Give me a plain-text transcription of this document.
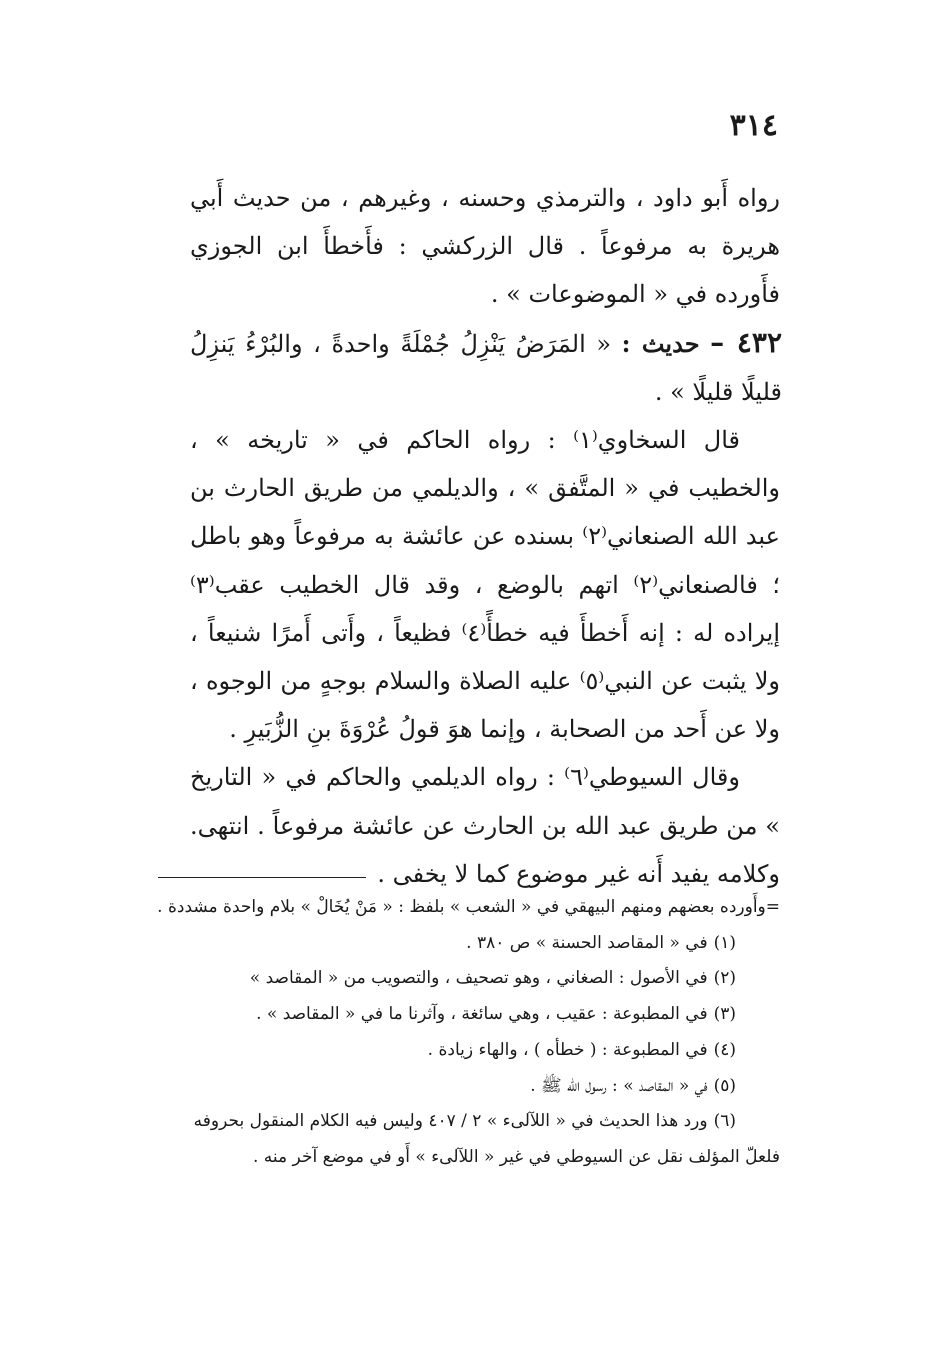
٣١٤

رواه أَبو داود ، والترمذي وحسنه ، وغيرهم ، من حديث أَبي هريرة به مرفوعاً . قال الزركشي : فأَخطأَ ابن الجوزي فأَورده في « الموضوعات » .

٤٣٢ – حديث : « المَرَضُ يَنْزِلُ جُمْلَةً واحدةً ، والبُرْءُ يَنزِلُ قليلًا قليلًا » .

قال السخاوي⁽١⁾ : رواه الحاكم في « تاريخه » ، والخطيب في « المتَّفق » ، والديلمي من طريق الحارث بن عبد الله الصنعاني⁽٢⁾ بسنده عن عائشة به مرفوعاً وهو باطل ؛ فالصنعاني⁽٢⁾ اتهم بالوضع ، وقد قال الخطيب عقب⁽٣⁾ إيراده له : إنه أَخطأَ فيه خطأً⁽٤⁾ فظيعاً ، وأَتى أَمرًا شنيعاً ، ولا يثبت عن النبي⁽٥⁾ عليه الصلاة والسلام بوجهٍ من الوجوه ، ولا عن أَحد من الصحابة ، وإنما هوَ قولُ عُرْوَةَ بنِ الزُّبَيرِ .

وقال السيوطي⁽٦⁾ : رواه الديلمي والحاكم في « التاريخ » من طريق عبد الله بن الحارث عن عائشة مرفوعاً . انتهى. وكلامه يفيد أَنه غير موضوع كما لا يخفى .

=وأَورده بعضهم ومنهم البيهقي في « الشعب » بلفظ : « مَنْ يُخَالْ » بلام واحدة مشددة .

(١)في « المقاصد الحسنة » ص ٣٨٠ .

(٢)في الأصول : الصغاني ، وهو تصحيف ، والتصويب من « المقاصد »

(٣)في المطبوعة : عقيب ، وهي سائغة ، وآثرنا ما في « المقاصد » .

(٤)في المطبوعة : ( خطأه ) ، والهاء زيادة .

(٥)في « المقاصد » : رسول الله ﷺ .

(٦)ورد هذا الحديث في « اللآلىء » ٢ / ٤٠٧ وليس فيه الكلام المنقول بحروفه

فلعلّ المؤلف نقل عن السيوطي في غير « اللآلىء » أَو في موضع آخر منه .
